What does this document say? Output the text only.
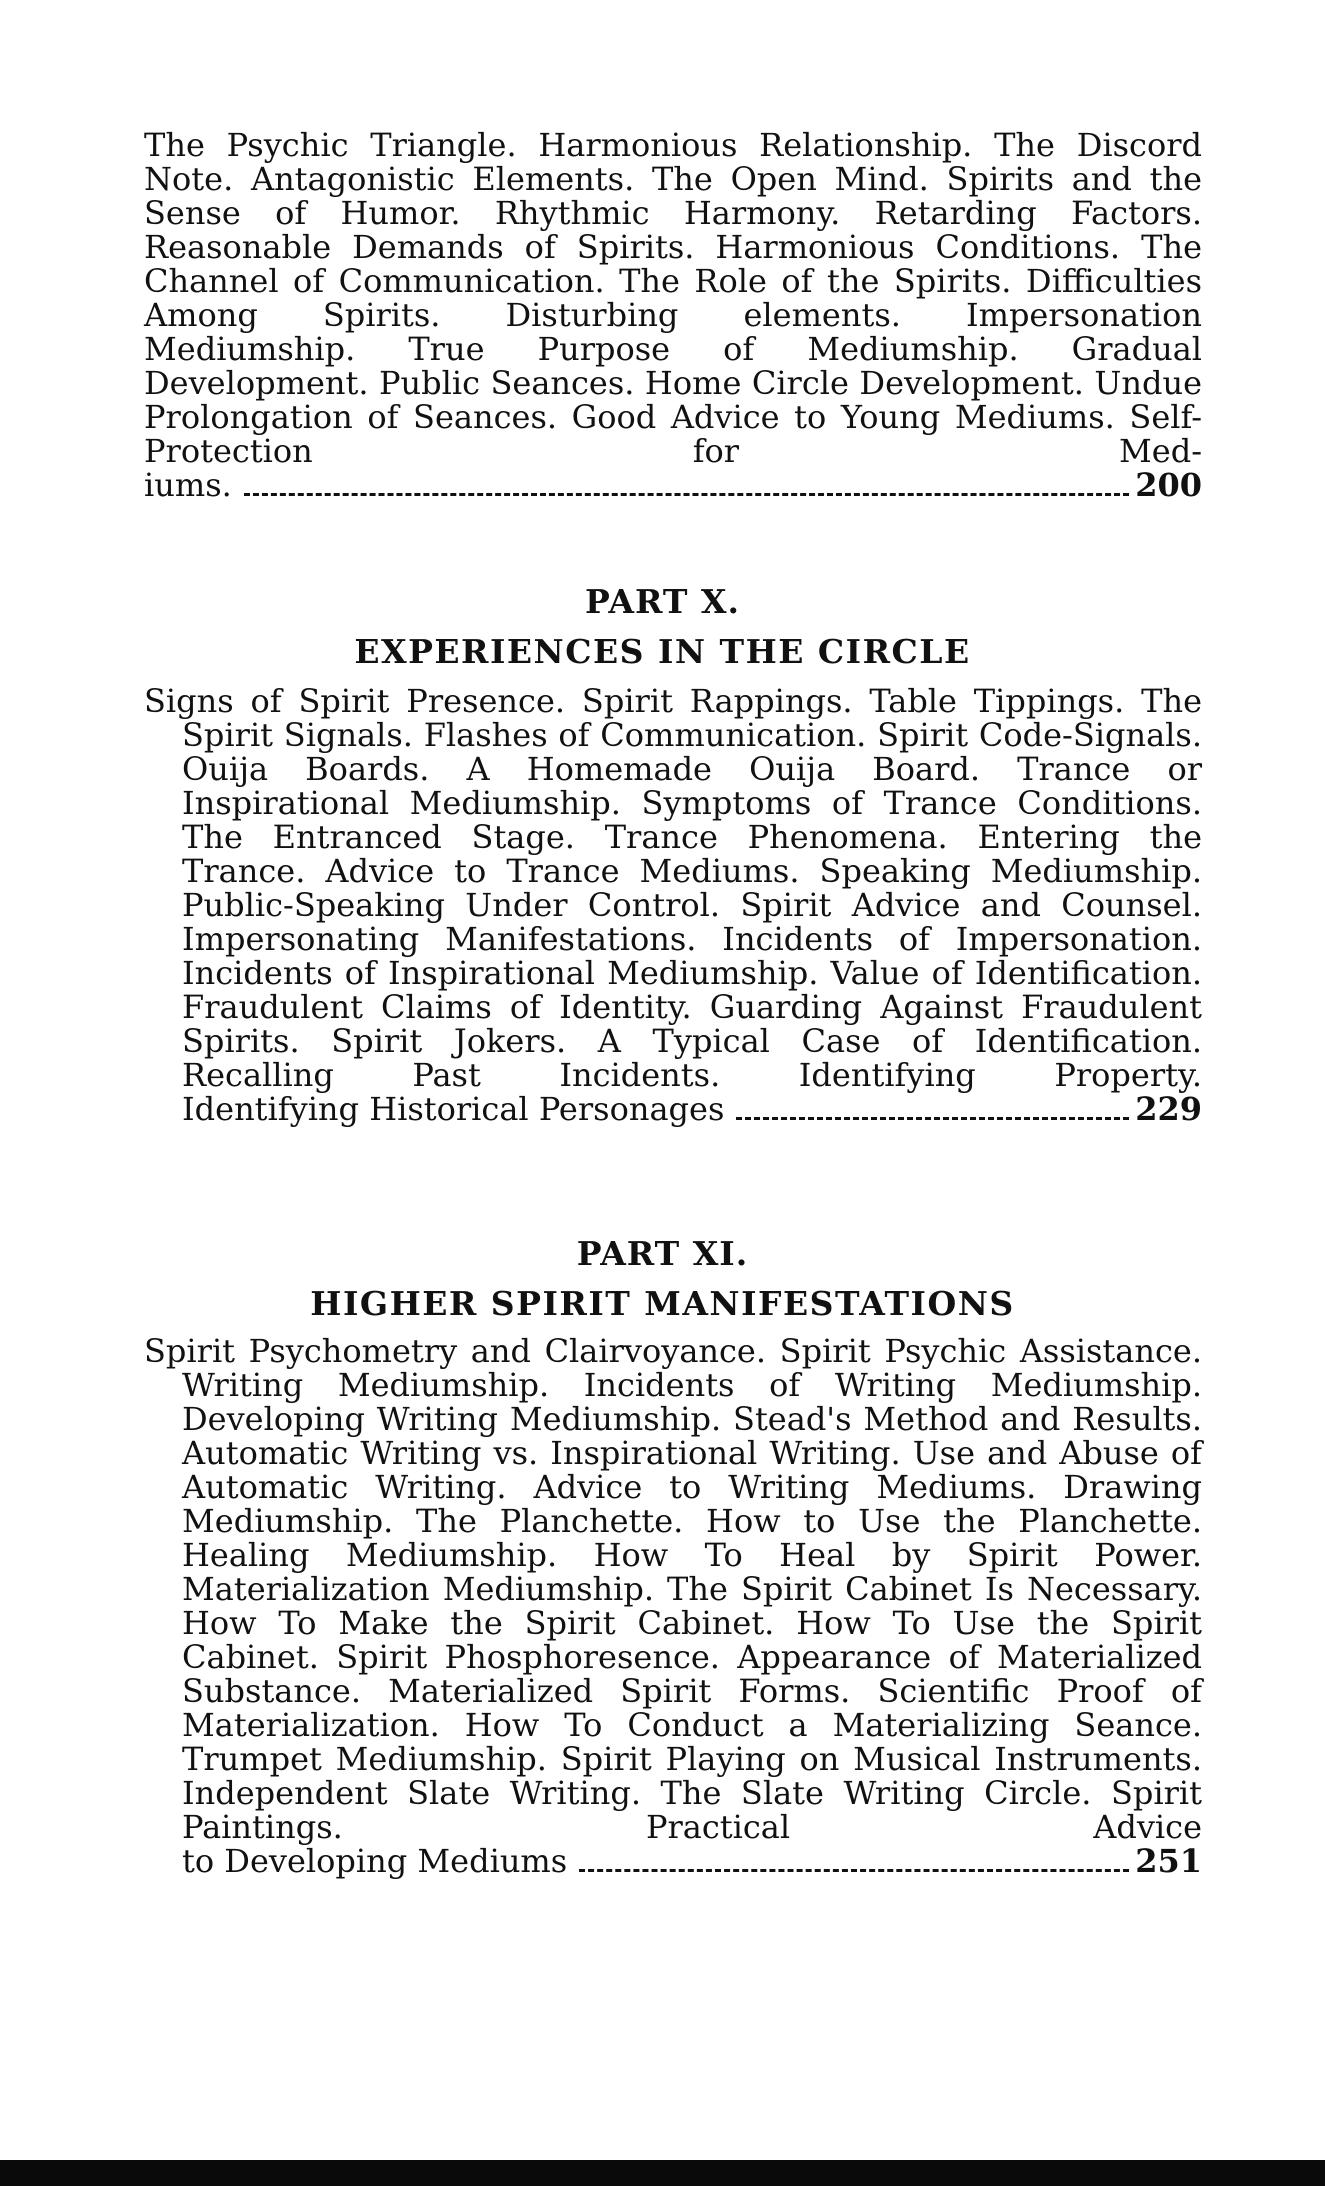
The Psychic Triangle. Harmonious Relationship. The Discord Note. Antagonistic Elements. The Open Mind. Spirits and the Sense of Humor. Rhythmic Harmony. Retarding Factors. Reasonable Demands of Spirits. Harmonious Conditions. The Channel of Communication. The Role of the Spirits. Difficulties Among Spirits. Disturbing elements. Impersonation Mediumship. True Purpose of Mediumship. Gradual Development. Public Seances. Home Circle Development. Undue Prolongation of Seances. Good Advice to Young Mediums. Self-Protection for Med-
iums.	200
PART X.
EXPERIENCES IN THE CIRCLE
Signs of Spirit Presence. Spirit Rappings. Table Tippings. The Spirit Signals. Flashes of Communication. Spirit Code-Signals. Ouija Boards. A Homemade Ouija Board. Trance or Inspirational Mediumship. Symptoms of Trance Conditions. The Entranced Stage. Trance Phenomena. Entering the Trance. Advice to Trance Mediums. Speaking Mediumship. Public-Speaking Under Control. Spirit Advice and Counsel. Impersonating Manifestations. Incidents of Impersonation. Incidents of Inspirational Mediumship. Value of Identification. Fraudulent Claims of Identity. Guarding Against Fraudulent Spirits. Spirit Jokers. A Typical Case of Identification. Recalling Past Incidents. Identifying Property.
Identifying Historical Personages	229
PART XI.
HIGHER SPIRIT MANIFESTATIONS
Spirit Psychometry and Clairvoyance. Spirit Psychic Assistance. Writing Mediumship. Incidents of Writing Mediumship. Developing Writing Mediumship. Stead's Method and Results. Automatic Writing vs. Inspirational Writing. Use and Abuse of Automatic Writing. Advice to Writing Mediums. Drawing Mediumship. The Planchette. How to Use the Planchette. Healing Mediumship. How To Heal by Spirit Power. Materialization Mediumship. The Spirit Cabinet Is Necessary. How To Make the Spirit Cabinet. How To Use the Spirit Cabinet. Spirit Phosphoresence. Appearance of Materialized Substance. Materialized Spirit Forms. Scientific Proof of Materialization. How To Conduct a Materializing Seance. Trumpet Mediumship. Spirit Playing on Musical Instruments. Independent Slate Writing. The Slate Writing Circle. Spirit Paintings. Practical Advice
to Developing Mediums	251
